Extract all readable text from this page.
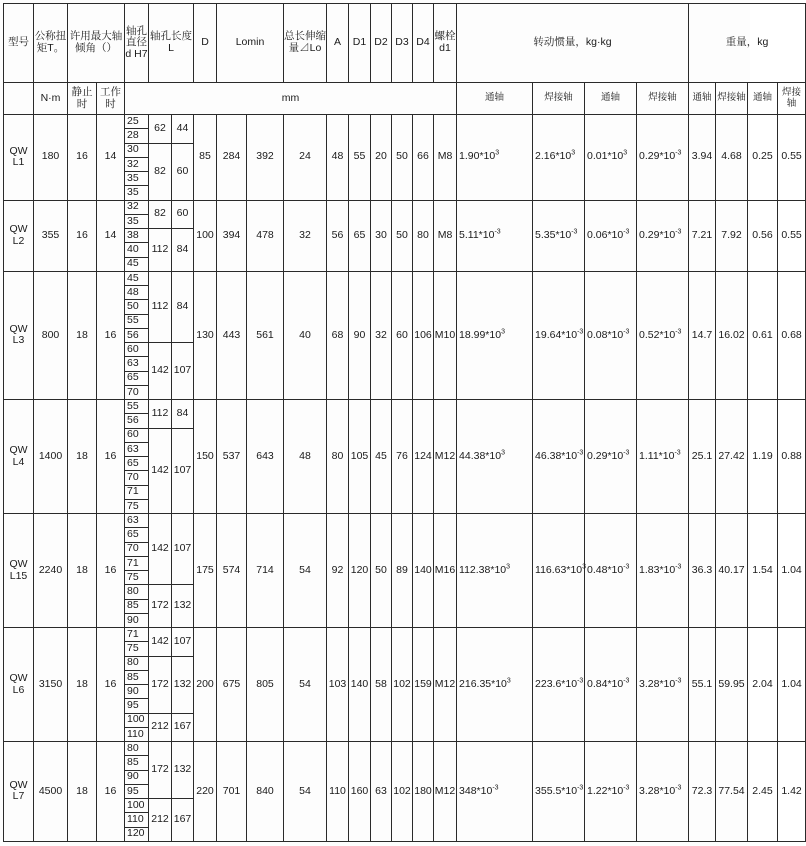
型号	公称扭矩T。	许用最大轴倾角（）		轴孔直径d H7	轴孔长度L		D	Lomin		总长伸缩量⊿Lo	A	D1	D2	D3	D4	螺栓d1	转动惯量，kg·kg				重量，kg			
	N·m	静止时	工作时	mm													通轴	焊接轴	通轴	焊接轴	通轴	焊接轴	通轴	焊接轴
QW L1	180	16	14	25	62	44	85	284	392	24	48	55	20	50	66	M8	$1.90*10^3$	$2.16*10^3$	$0.01*10^3$	$0.29*10^{-3}$	3.94	4.68	0.25	0.55
				28																				
				30	82	60																		
				32																				
				35																				
				35																				
QW L2	355	16	14	32	82	60	100	394	478	32	56	65	30	50	80	M8	$5.11*10^{-3}$	$5.35*10^{-3}$	$0.06*10^{-3}$	$0.29*10^{-3}$	7.21	7.92	0.56	0.55
				35																				
				38	112	84																		
				40																				
				45																				
QW L3	800	18	16	45	112	84	130	443	561	40	68	90	32	60	106	M10	$18.99*10^3$	$19.64*10^{-3}$	$0.08*10^{-3}$	$0.52*10^{-3}$	14.7	16.02	0.61	0.68
				48																				
				50																				
				55																				
				56																				
				60	142	107																		
				63																				
				65																				
				70																				
QW L4	1400	18	16	55	112	84	150	537	643	48	80	105	45	76	124	M12	$44.38*10^3$	$46.38*10^{-3}$	$0.29*10^{-3}$	$1.11*10^{-3}$	25.1	27.42	1.19	0.88
				56																				
				60	142	107																		
				63																				
				65																				
				70																				
				71																				
				75																				
QW L15	2240	18	16	63	142	107	175	574	714	54	92	120	50	89	140	M16	$112.38*10^3$	$116.63*10^3$	$0.48*10^{-3}$	$1.83*10^{-3}$	36.3	40.17	1.54	1.04
				65																				
				70																				
				71																				
				75																				
				80	172	132																		
				85																				
				90																				
QW L6	3150	18	16	71	142	107	200	675	805	54	103	140	58	102	159	M12	$216.35*10^3$	$223.6*10^{-3}$	$0.84*10^{-3}$	$3.28*10^{-3}$	55.1	59.95	2.04	1.04
				75																				
				80	172	132																		
				85																				
				90																				
				95																				
				100	212	167																		
				110																				
QW L7	4500	18	16	80	172	132	220	701	840	54	110	160	63	102	180	M12	$348*10^{-3}$	$355.5*10^{-3}$	$1.22*10^{-3}$	$3.28*10^{-3}$	72.3	77.54	2.45	1.42
				85																				
				90																				
				95																				
				100	212	167																		
				110																				
				120																				
